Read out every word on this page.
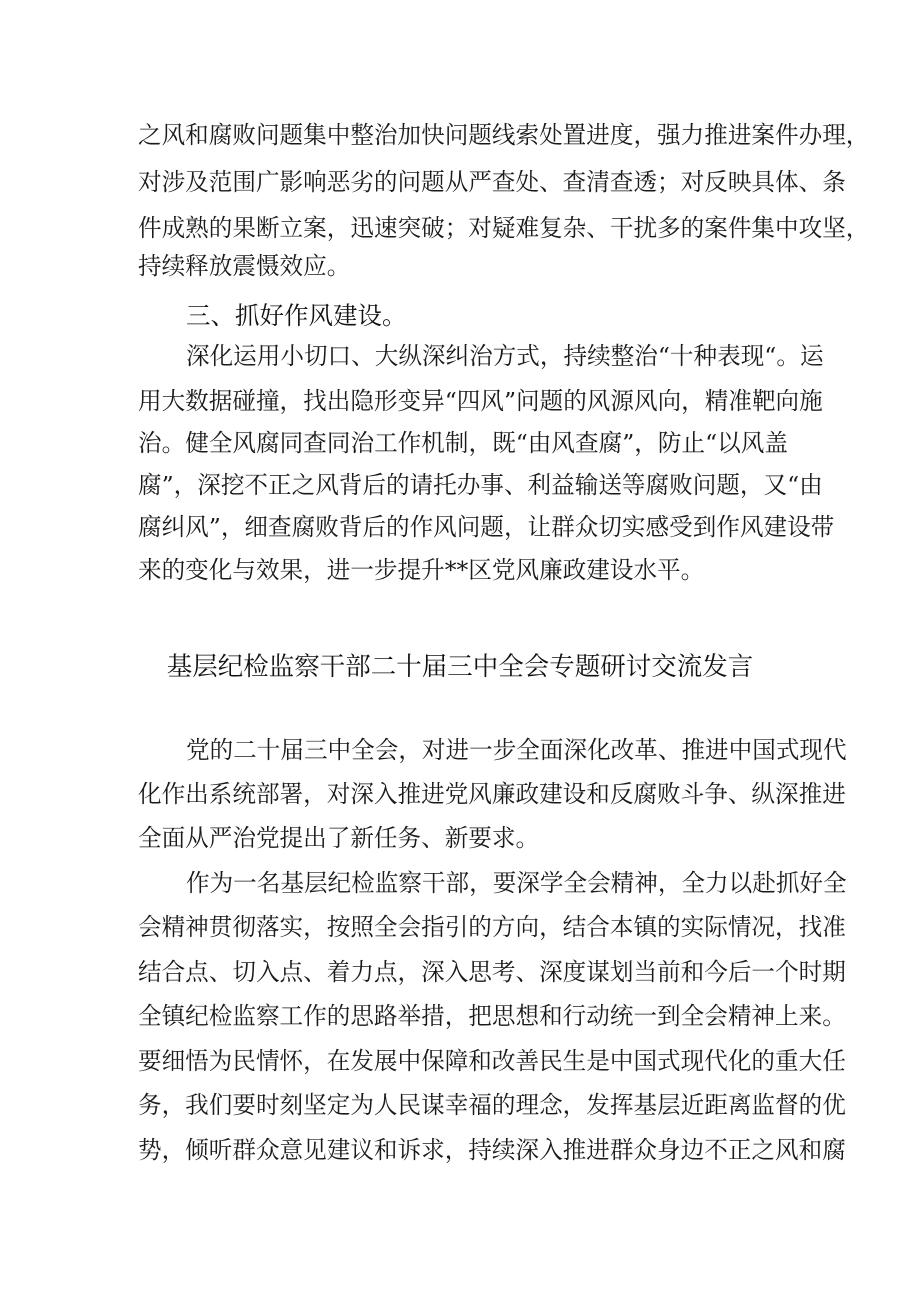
之风和腐败问题集中整治加快问题线索处置进度，强力推进案件办理，
对涉及范围广影响恶劣的问题从严查处、查清查透；对反映具体、条
件成熟的果断立案，迅速突破；对疑难复杂、干扰多的案件集中攻坚，
持续释放震慑效应。
三、抓好作风建设。
深化运用小切口、大纵深纠治方式，持续整治“十种表现“。运
用大数据碰撞，找出隐形变异“四风”问题的风源风向，精准靶向施
治。健全风腐同查同治工作机制，既“由风查腐”，防止“以风盖
腐”，深挖不正之风背后的请托办事、利益输送等腐败问题，又“由
腐纠风”，细查腐败背后的作风问题，让群众切实感受到作风建设带
来的变化与效果，进一步提升**区党风廉政建设水平。
基层纪检监察干部二十届三中全会专题研讨交流发言
党的二十届三中全会，对进一步全面深化改革、推进中国式现代
化作出系统部署，对深入推进党风廉政建设和反腐败斗争、纵深推进
全面从严治党提出了新任务、新要求。
作为一名基层纪检监察干部，要深学全会精神，全力以赴抓好全
会精神贯彻落实，按照全会指引的方向，结合本镇的实际情况，找准
结合点、切入点、着力点，深入思考、深度谋划当前和今后一个时期
全镇纪检监察工作的思路举措，把思想和行动统一到全会精神上来。
要细悟为民情怀，在发展中保障和改善民生是中国式现代化的重大任
务，我们要时刻坚定为人民谋幸福的理念，发挥基层近距离监督的优
势，倾听群众意见建议和诉求，持续深入推进群众身边不正之风和腐
